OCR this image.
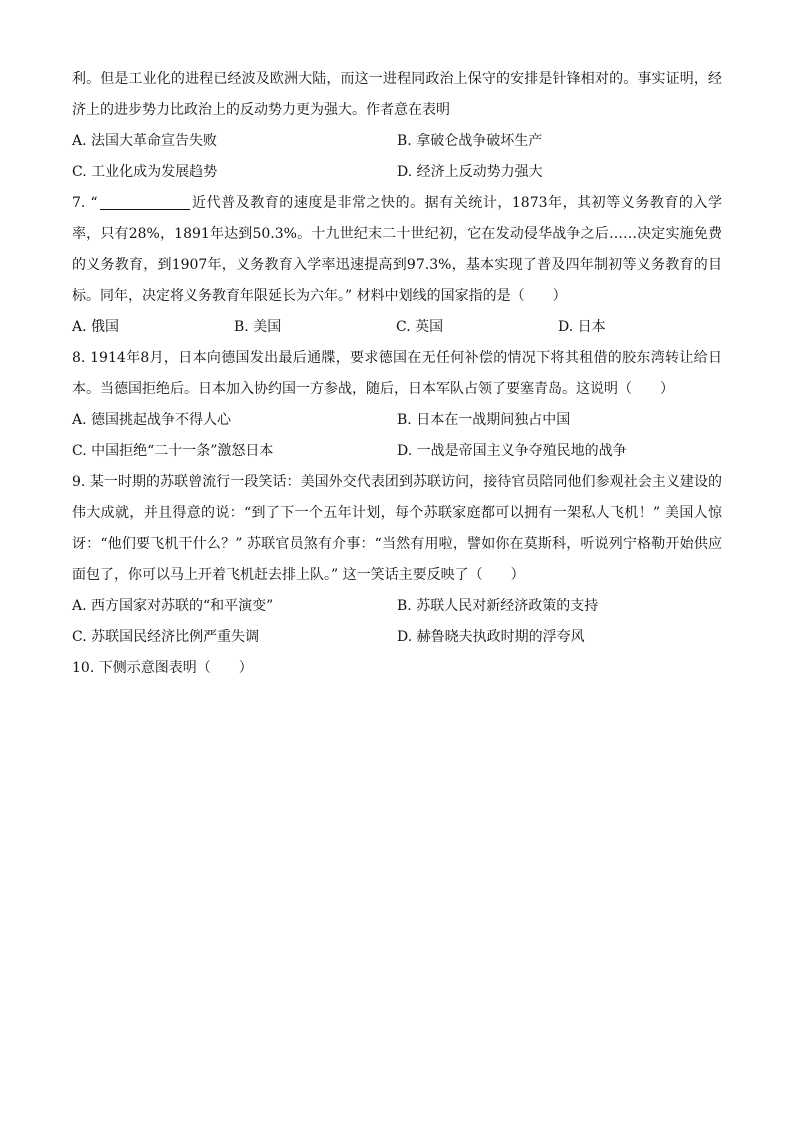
利。但是工业化的进程已经波及欧洲大陆，而这一进程同政治上保守的安排是针锋相对的。事实证明，经济上的进步势力比政治上的反动势力更为强大。作者意在表明

A. 法国大革命宣告失败	B. 拿破仑战争破坏生产
C. 工业化成为发展趋势	D. 经济上反动势力强大

7. “	近代普及教育的速度是非常之快的。据有关统计，1873年，其初等义务教育的入学率，只有28%，1891年达到50.3%。十九世纪末二十世纪初，它在发动侵华战争之后……决定实施免费的义务教育，到1907年，义务教育入学率迅速提高到97.3%，基本实现了普及四年制初等义务教育的目标。同年，决定将义务教育年限延长为六年。” 材料中划线的国家指的是（　　）

A. 俄国	B. 美国	C. 英国	D. 日本

8. 1914年8月，日本向德国发出最后通牒，要求德国在无任何补偿的情况下将其租借的胶东湾转让给日本。当德国拒绝后。日本加入协约国一方参战，随后，日本军队占领了要塞青岛。这说明（　　）

A. 德国挑起战争不得人心	B. 日本在一战期间独占中国
C. 中国拒绝“二十一条”激怒日本	D. 一战是帝国主义争夺殖民地的战争

9. 某一时期的苏联曾流行一段笑话：美国外交代表团到苏联访问，接待官员陪同他们参观社会主义建设的伟大成就，并且得意的说：“到了下一个五年计划，每个苏联家庭都可以拥有一架私人飞机！” 美国人惊讶：“他们要飞机干什么？” 苏联官员煞有介事：“当然有用啦，譬如你在莫斯科，听说列宁格勒开始供应面包了，你可以马上开着飞机赶去排上队。” 这一笑话主要反映了（　　）

A. 西方国家对苏联的“和平演变”	B. 苏联人民对新经济政策的支持
C. 苏联国民经济比例严重失调	D. 赫鲁晓夫执政时期的浮夸风

10. 下侧示意图表明（　　）
